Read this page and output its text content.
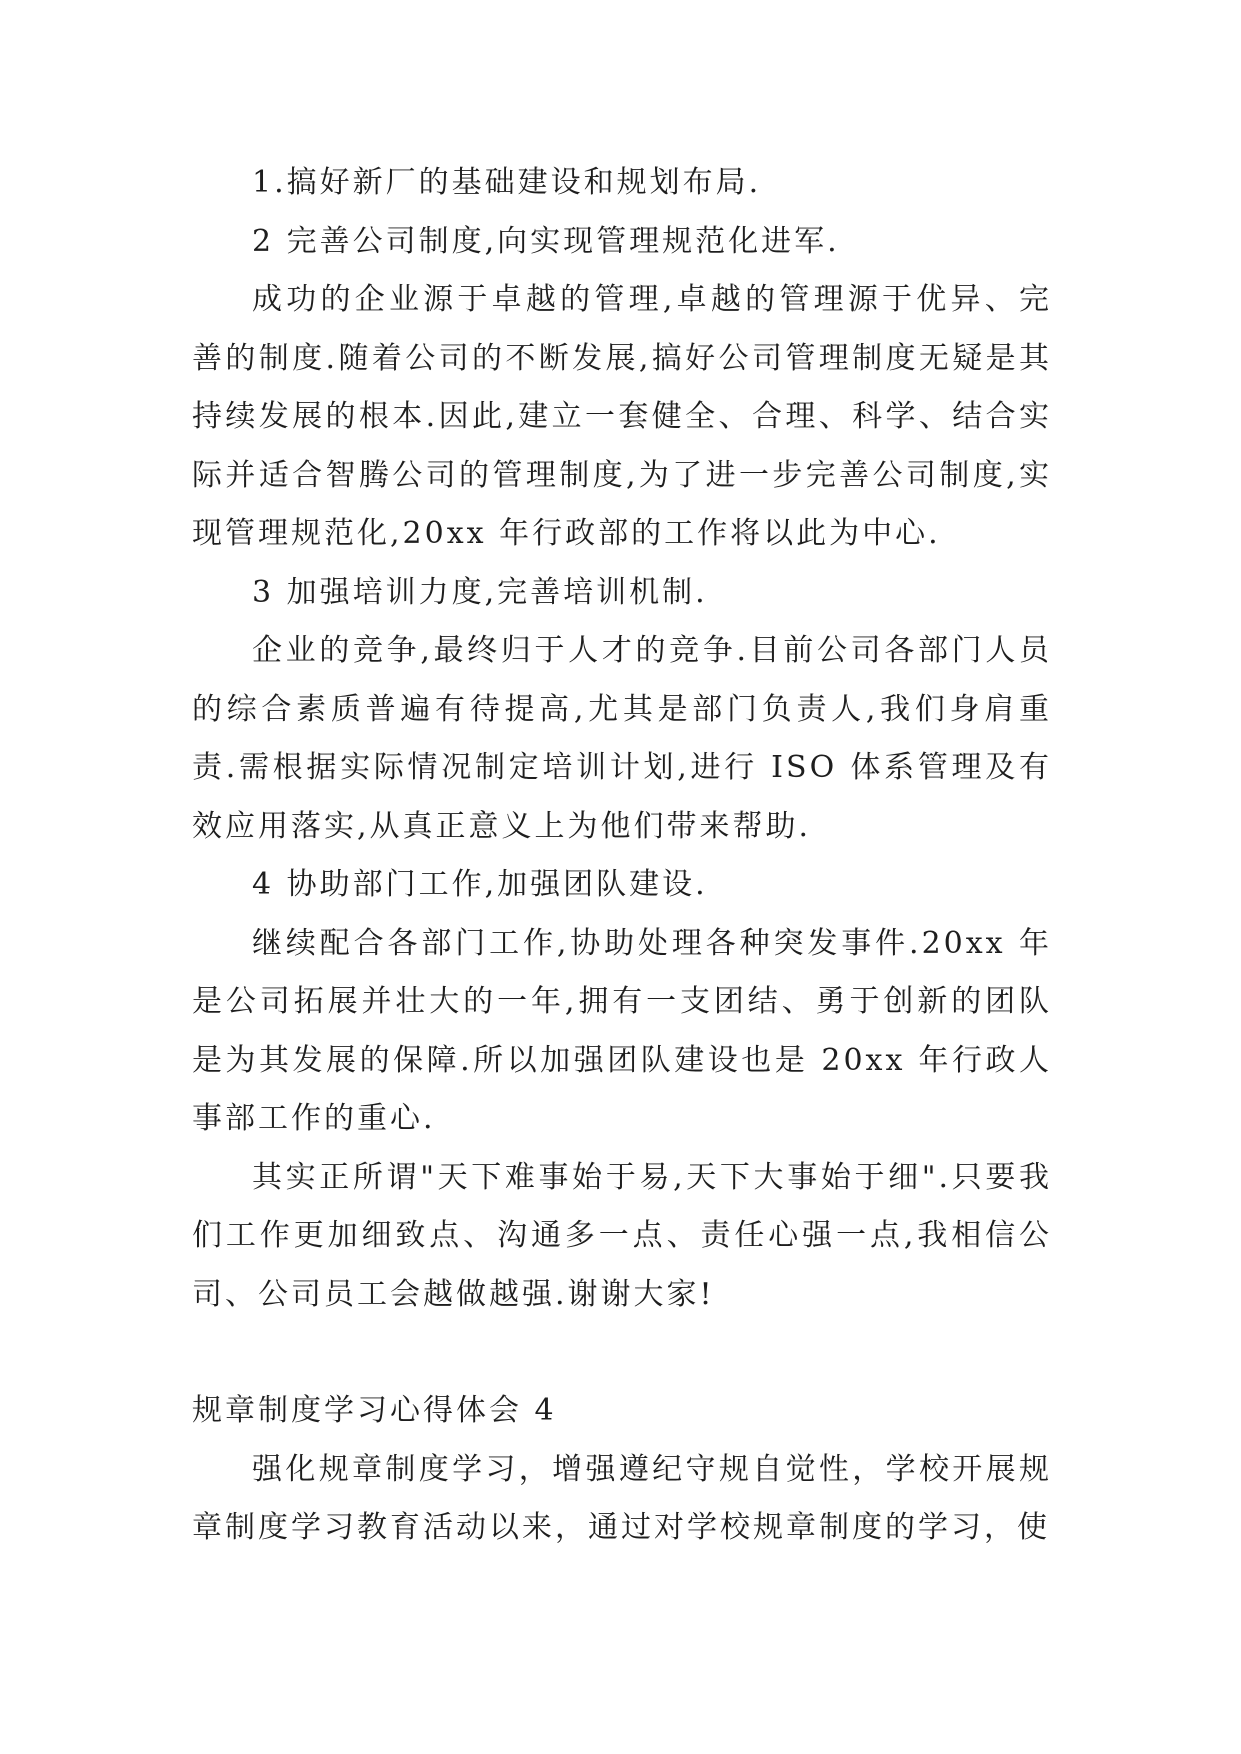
1.搞好新厂的基础建设和规划布局.

2 完善公司制度,向实现管理规范化进军.

成功的企业源于卓越的管理,卓越的管理源于优异、完善的制度.随着公司的不断发展,搞好公司管理制度无疑是其持续发展的根本.因此,建立一套健全、合理、科学、结合实际并适合智腾公司的管理制度,为了进一步完善公司制度,实现管理规范化,20xx 年行政部的工作将以此为中心.

3 加强培训力度,完善培训机制.

企业的竞争,最终归于人才的竞争.目前公司各部门人员的综合素质普遍有待提高,尤其是部门负责人,我们身肩重责.需根据实际情况制定培训计划,进行 ISO 体系管理及有效应用落实,从真正意义上为他们带来帮助.

4 协助部门工作,加强团队建设.

继续配合各部门工作,协助处理各种突发事件.20xx 年是公司拓展并壮大的一年,拥有一支团结、勇于创新的团队是为其发展的保障.所以加强团队建设也是 20xx 年行政人事部工作的重心.

其实正所谓"天下难事始于易,天下大事始于细".只要我们工作更加细致点、沟通多一点、责任心强一点,我相信公司、公司员工会越做越强.谢谢大家!

规章制度学习心得体会 4

强化规章制度学习，增强遵纪守规自觉性，学校开展规章制度学习教育活动以来，通过对学校规章制度的学习，使
